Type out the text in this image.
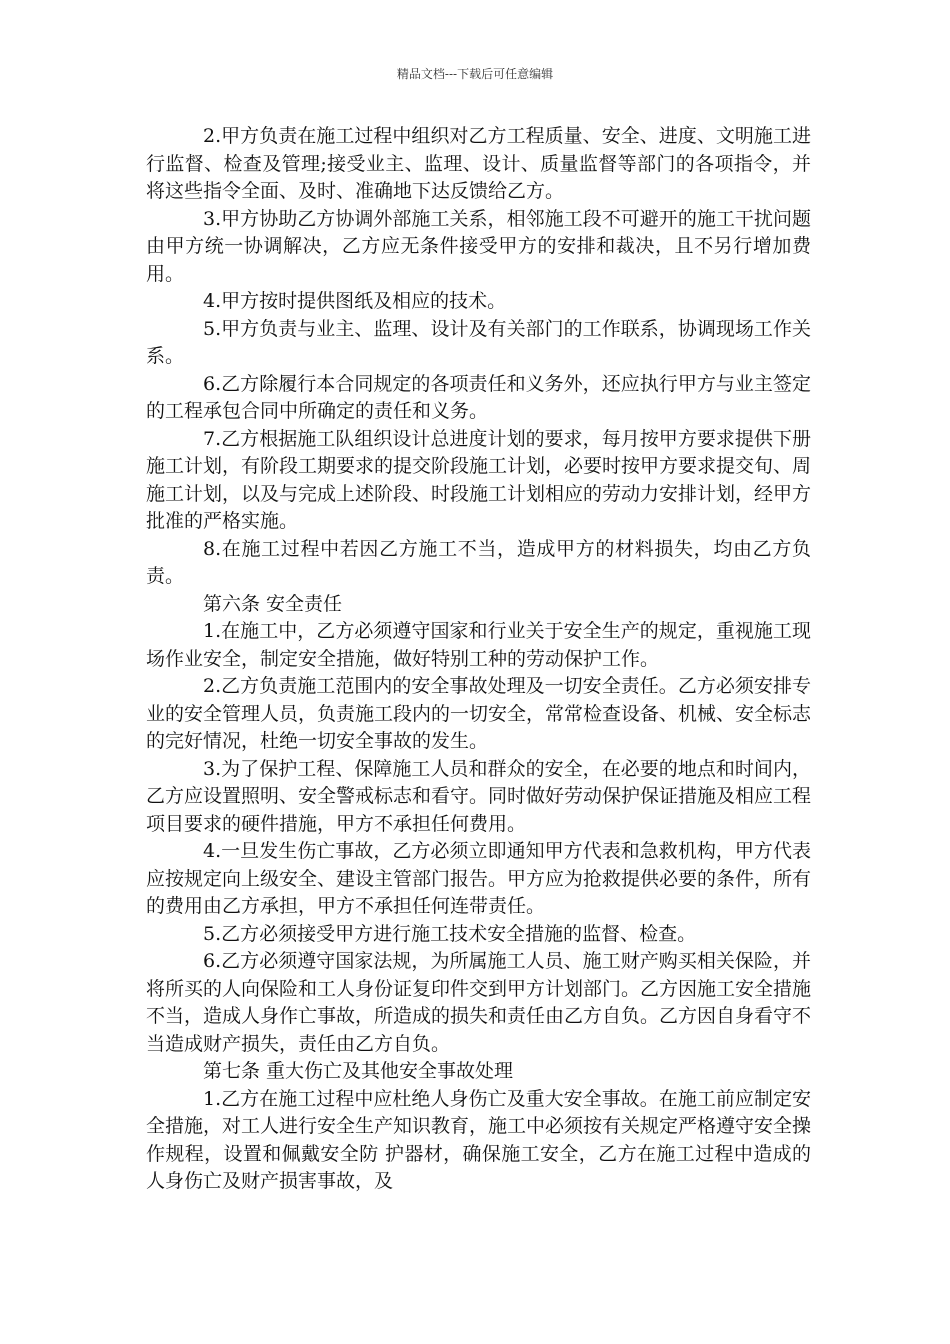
精品文档---下载后可任意编辑

2.甲方负责在施工过程中组织对乙方工程质量、安全、进度、文明施工进行监督、检查及管理;接受业主、监理、设计、质量监督等部门的各项指令，并将这些指令全面、及时、准确地下达反馈给乙方。

3.甲方协助乙方协调外部施工关系，相邻施工段不可避开的施工干扰问题由甲方统一协调解决，乙方应无条件接受甲方的安排和裁决，且不另行增加费用。

4.甲方按时提供图纸及相应的技术。

5.甲方负责与业主、监理、设计及有关部门的工作联系，协调现场工作关系。

6.乙方除履行本合同规定的各项责任和义务外，还应执行甲方与业主签定的工程承包合同中所确定的责任和义务。

7.乙方根据施工队组织设计总进度计划的要求，每月按甲方要求提供下册施工计划，有阶段工期要求的提交阶段施工计划，必要时按甲方要求提交旬、周施工计划，以及与完成上述阶段、时段施工计划相应的劳动力安排计划，经甲方批准的严格实施。

8.在施工过程中若因乙方施工不当，造成甲方的材料损失，均由乙方负责。

第六条 安全责任

1.在施工中，乙方必须遵守国家和行业关于安全生产的规定，重视施工现场作业安全，制定安全措施，做好特别工种的劳动保护工作。

2.乙方负责施工范围内的安全事故处理及一切安全责任。乙方必须安排专业的安全管理人员，负责施工段内的一切安全，常常检查设备、机械、安全标志的完好情况，杜绝一切安全事故的发生。

3.为了保护工程、保障施工人员和群众的安全，在必要的地点和时间内，乙方应设置照明、安全警戒标志和看守。同时做好劳动保护保证措施及相应工程项目要求的硬件措施，甲方不承担任何费用。

4.一旦发生伤亡事故，乙方必须立即通知甲方代表和急救机构，甲方代表应按规定向上级安全、建设主管部门报告。甲方应为抢救提供必要的条件，所有的费用由乙方承担，甲方不承担任何连带责任。

5.乙方必须接受甲方进行施工技术安全措施的监督、检查。

6.乙方必须遵守国家法规，为所属施工人员、施工财产购买相关保险，并将所买的人向保险和工人身份证复印件交到甲方计划部门。乙方因施工安全措施不当，造成人身作亡事故，所造成的损失和责任由乙方自负。乙方因自身看守不当造成财产损失，责任由乙方自负。

第七条 重大伤亡及其他安全事故处理

1.乙方在施工过程中应杜绝人身伤亡及重大安全事故。在施工前应制定安全措施，对工人进行安全生产知识教育，施工中必须按有关规定严格遵守安全操作规程，设置和佩戴安全防 护器材，确保施工安全，乙方在施工过程中造成的人身伤亡及财产损害事故，及
